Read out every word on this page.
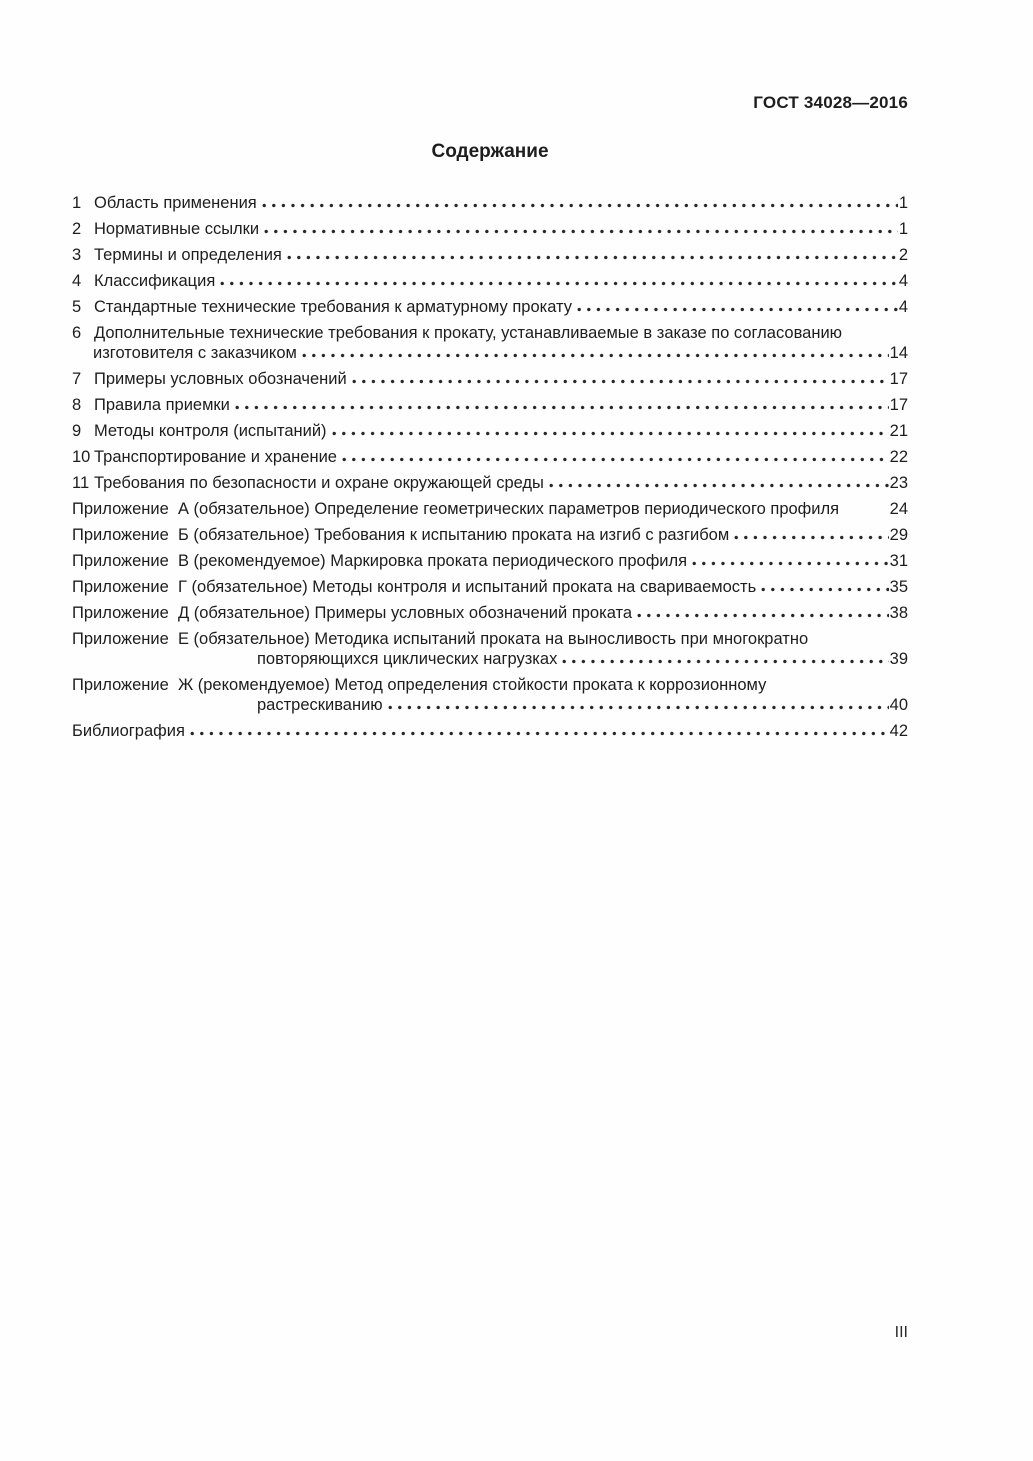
ГОСТ 34028—2016
Содержание
1 Область применения	1
2 Нормативные ссылки	1
3 Термины и определения	2
4 Классификация	4
5 Стандартные технические требования к арматурному прокату	4
6 Дополнительные технические требования к прокату, устанавливаемые в заказе по согласованию
изготовителя с заказчиком	14
7 Примеры условных обозначений	17
8 Правила приемки	17
9 Методы контроля (испытаний)	21
10 Транспортирование и хранение	22
11 Требования по безопасности и охране окружающей среды	23
Приложение  А (обязательное) Определение геометрических параметров периодического профиля	24
Приложение  Б (обязательное) Требования к испытанию проката на изгиб с разгибом	29
Приложение  В (рекомендуемое) Маркировка проката периодического профиля	31
Приложение  Г (обязательное) Методы контроля и испытаний проката на свариваемость	35
Приложение  Д (обязательное) Примеры условных обозначений проката	38
Приложение  Е (обязательное) Методика испытаний проката на выносливость при многократно
повторяющихся циклических нагрузках	39
Приложение  Ж (рекомендуемое) Метод определения стойкости проката к коррозионному
растрескиванию	40
Библиография	42
III
